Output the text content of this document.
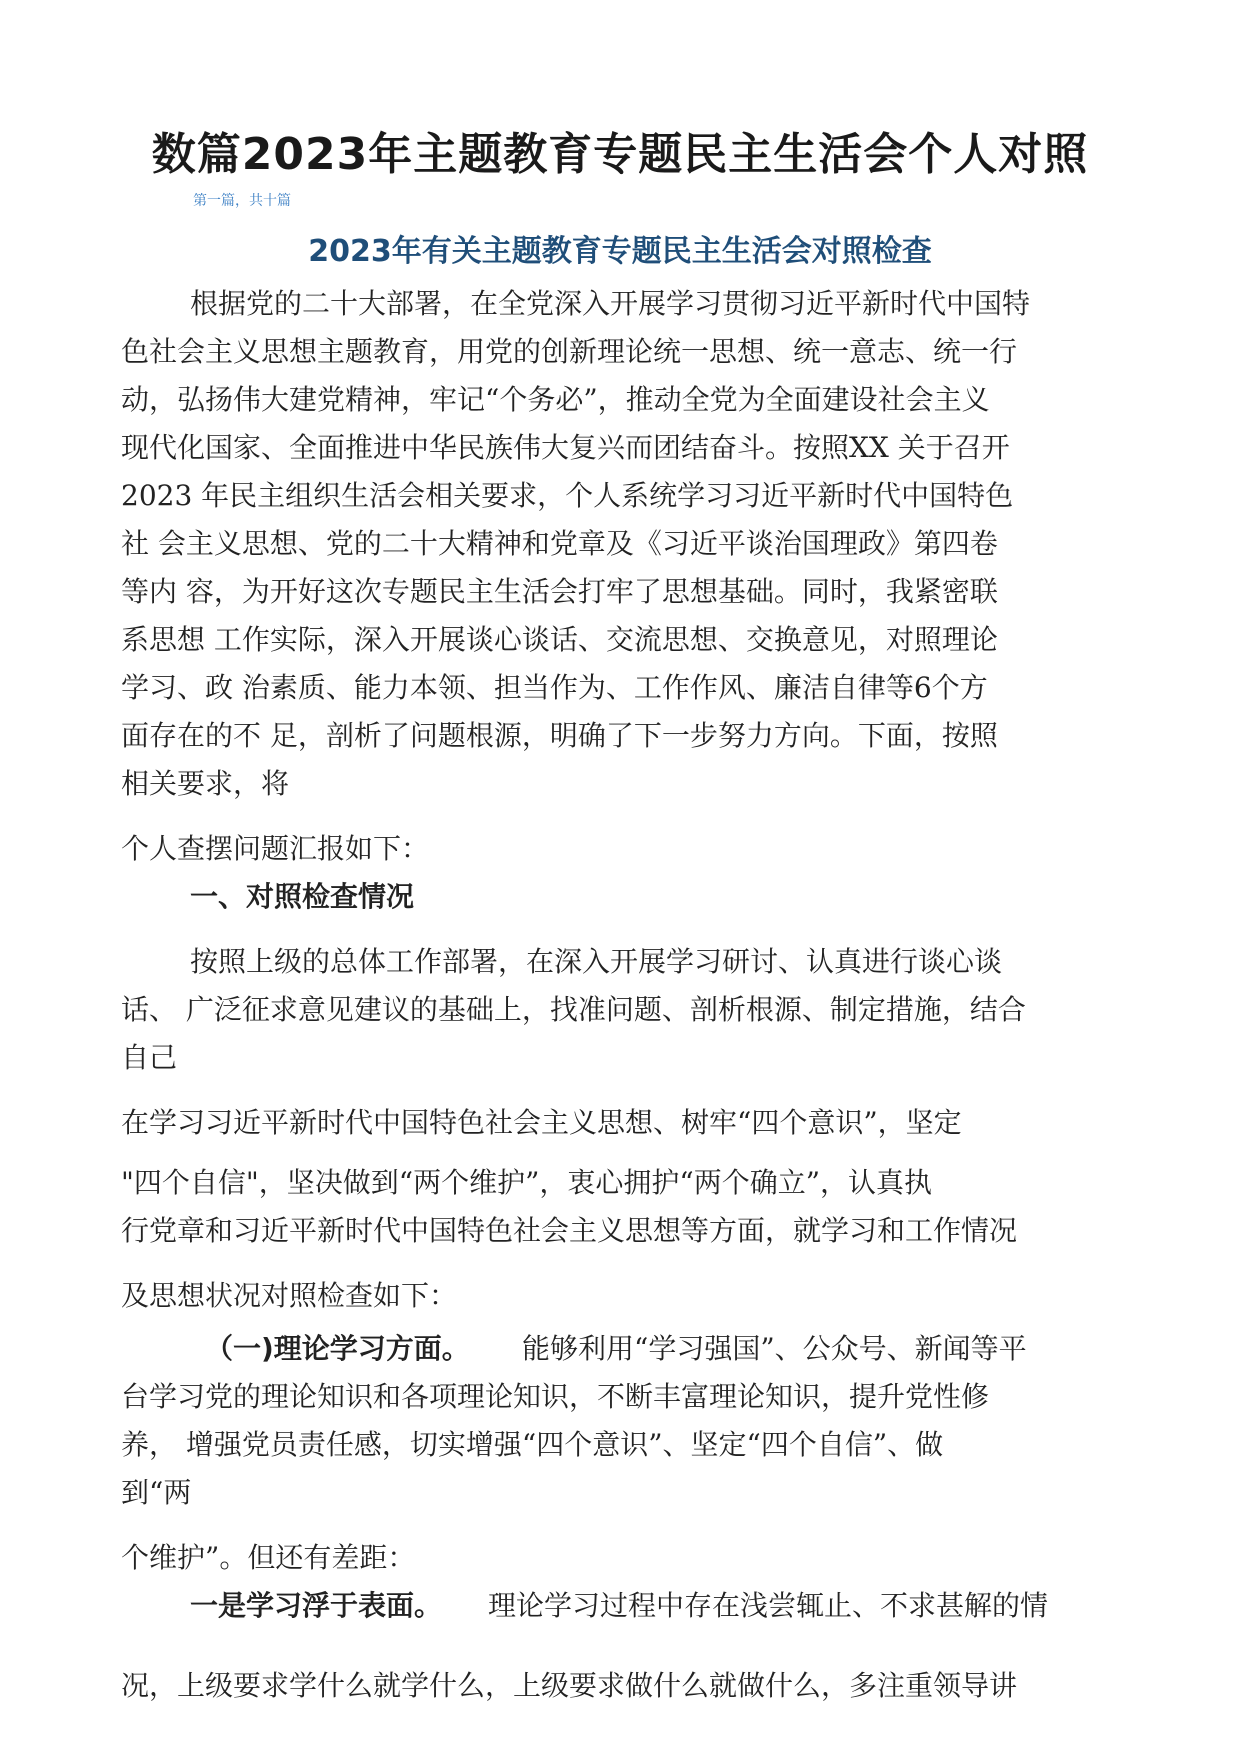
数篇2023年主题教育专题民主生活会个人对照
第一篇，共十篇
2023年有关主题教育专题民主生活会对照检查
根据党的二十大部署，在全党深入开展学习贯彻习近平新时代中国特
色社会主义思想主题教育，用党的创新理论统一思想、统一意志、统一行
动，弘扬伟大建党精神，牢记“个务必”，推动全党为全面建设社会主义
现代化国家、全面推进中华民族伟大复兴而团结奋斗。按照XX 关于召开
2023 年民主组织生活会相关要求，个人系统学习习近平新时代中国特色
社 会主义思想、党的二十大精神和党章及《习近平谈治国理政》第四卷
等内 容，为开好这次专题民主生活会打牢了思想基础。同时，我紧密联
系思想 工作实际，深入开展谈心谈话、交流思想、交换意见，对照理论
学习、政 治素质、能力本领、担当作为、工作作风、廉洁自律等6个方
面存在的不 足，剖析了问题根源，明确了下一步努力方向。下面，按照
相关要求，将
个人查摆问题汇报如下：
一、对照检查情况
按照上级的总体工作部署，在深入开展学习研讨、认真进行谈心谈
话、 广泛征求意见建议的基础上，找准问题、剖析根源、制定措施，结合
自己
在学习习近平新时代中国特色社会主义思想、树牢“四个意识”，坚定
"四个自信"，坚决做到“两个维护”，衷心拥护“两个确立”，认真执
行党章和习近平新时代中国特色社会主义思想等方面，就学习和工作情况
及思想状况对照检查如下：
（一)理论学习方面。 能够利用“学习强国”、公众号、新闻等平
台学习党的理论知识和各项理论知识，不断丰富理论知识，提升党性修
养， 增强党员责任感，切实增强“四个意识”、坚定“四个自信”、做
到“两
个维护”。但还有差距：
一是学习浮于表面。 理论学习过程中存在浅尝辄止、不求甚解的情
况，上级要求学什么就学什么，上级要求做什么就做什么，多注重领导讲
